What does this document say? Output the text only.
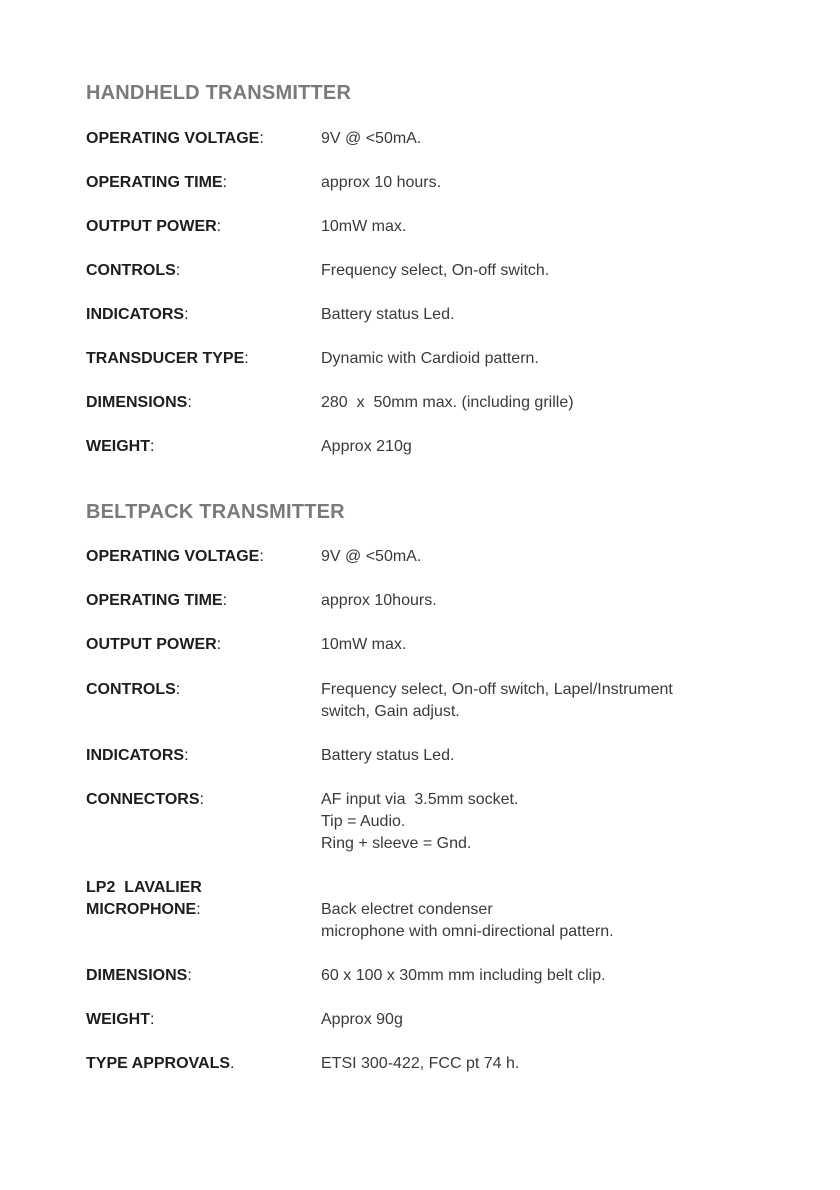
HANDHELD TRANSMITTER
OPERATING VOLTAGE:	9V @ <50mA.
OPERATING TIME:	approx 10 hours.
OUTPUT POWER:	10mW max.
CONTROLS:	Frequency select, On-off switch.
INDICATORS:	Battery status Led.
TRANSDUCER TYPE:	Dynamic with Cardioid pattern.
DIMENSIONS:	280  x  50mm max. (including grille)
WEIGHT:	Approx 210g
BELTPACK TRANSMITTER
OPERATING VOLTAGE:	9V @ <50mA.
OPERATING TIME:	approx 10hours.
OUTPUT POWER:	10mW max.
CONTROLS:	Frequency select, On-off switch, Lapel/Instrument
switch, Gain adjust.
INDICATORS:	Battery status Led.
CONNECTORS:	AF input via  3.5mm socket.
Tip = Audio.
Ring + sleeve = Gnd.
LP2  LAVALIER
MICROPHONE:	Back electret condenser
microphone with omni-directional pattern.
DIMENSIONS:	60 x 100 x 30mm mm including belt clip.
WEIGHT:	Approx 90g
TYPE APPROVALS.	ETSI 300-422, FCC pt 74 h.
